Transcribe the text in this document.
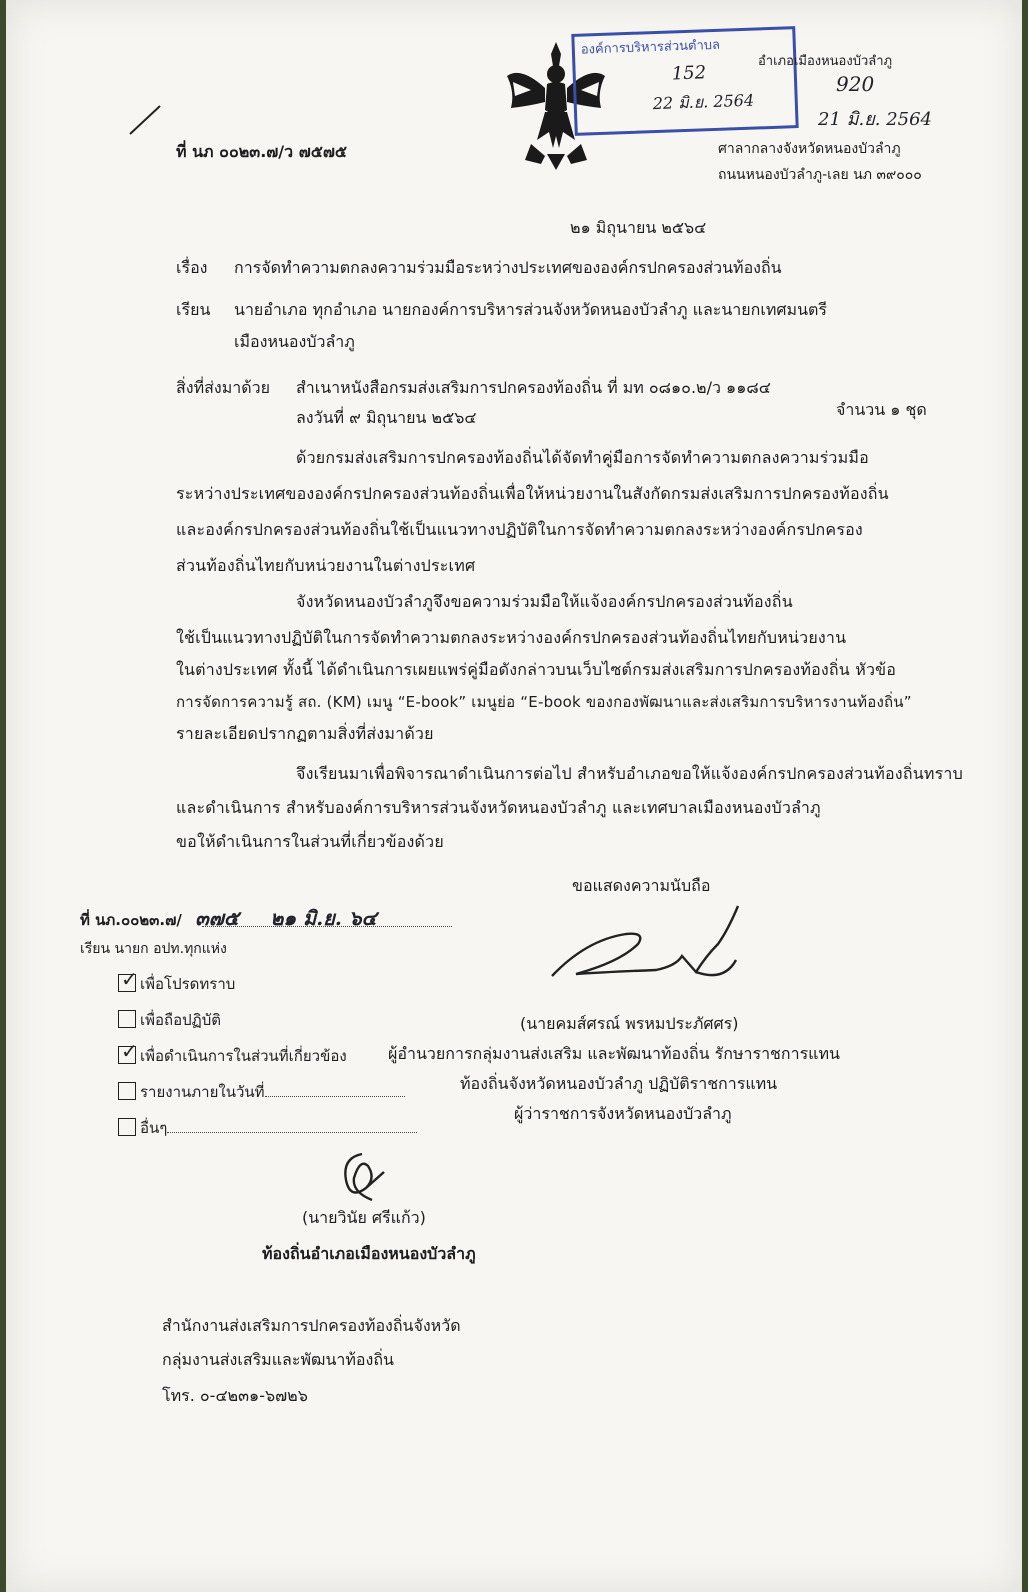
ที่ นภ ๐๐๒๓.๗/ว ๗๕๗๕
องค์การบริหารส่วนตำบล
152
22 มิ.ย. 2564
อำเภอเมืองหนองบัวลำภู
920
21 มิ.ย. 2564
ศาลากลางจังหวัดหนองบัวลำภู
ถนนหนองบัวลำภู-เลย นภ ๓๙๐๐๐
๒๑ มิถุนายน ๒๕๖๔
เรื่อง การจัดทำความตกลงความร่วมมือระหว่างประเทศขององค์กรปกครองส่วนท้องถิ่น
เรียน นายอำเภอ ทุกอำเภอ นายกองค์การบริหารส่วนจังหวัดหนองบัวลำภู และนายกเทศมนตรี
เมืองหนองบัวลำภู
สิ่งที่ส่งมาด้วย สำเนาหนังสือกรมส่งเสริมการปกครองท้องถิ่น ที่ มท ๐๘๑๐.๒/ว ๑๑๘๔
ลงวันที่ ๙ มิถุนายน ๒๕๖๔	จำนวน ๑ ชุด
ด้วยกรมส่งเสริมการปกครองท้องถิ่นได้จัดทำคู่มือการจัดทำความตกลงความร่วมมือ
ระหว่างประเทศขององค์กรปกครองส่วนท้องถิ่นเพื่อให้หน่วยงานในสังกัดกรมส่งเสริมการปกครองท้องถิ่น
และองค์กรปกครองส่วนท้องถิ่นใช้เป็นแนวทางปฏิบัติในการจัดทำความตกลงระหว่างองค์กรปกครอง
ส่วนท้องถิ่นไทยกับหน่วยงานในต่างประเทศ
จังหวัดหนองบัวลำภูจึงขอความร่วมมือให้แจ้งองค์กรปกครองส่วนท้องถิ่น
ใช้เป็นแนวทางปฏิบัติในการจัดทำความตกลงระหว่างองค์กรปกครองส่วนท้องถิ่นไทยกับหน่วยงาน
ในต่างประเทศ ทั้งนี้ ได้ดำเนินการเผยแพร่คู่มือดังกล่าวบนเว็บไซต์กรมส่งเสริมการปกครองท้องถิ่น หัวข้อ
การจัดการความรู้ สถ. (KM) เมนู “E-book” เมนูย่อ “E-book ของกองพัฒนาและส่งเสริมการบริหารงานท้องถิ่น”
รายละเอียดปรากฏตามสิ่งที่ส่งมาด้วย
จึงเรียนมาเพื่อพิจารณาดำเนินการต่อไป สำหรับอำเภอขอให้แจ้งองค์กรปกครองส่วนท้องถิ่นทราบ
และดำเนินการ สำหรับองค์การบริหารส่วนจังหวัดหนองบัวลำภู และเทศบาลเมืองหนองบัวลำภู
ขอให้ดำเนินการในส่วนที่เกี่ยวข้องด้วย
ขอแสดงความนับถือ
(นายคมส์ศรณ์ พรหมประภัศศร)
ผู้อำนวยการกลุ่มงานส่งเสริม และพัฒนาท้องถิ่น รักษาราชการแทน
ท้องถิ่นจังหวัดหนองบัวลำภู ปฏิบัติราชการแทน
ผู้ว่าราชการจังหวัดหนองบัวลำภู
ที่ นภ.๐๐๒๓.๗/ ๓๗๕ ๒๑ มิ.ย. ๖๔
เรียน นายก อปท.ทุกแห่ง
✓ เพื่อโปรดทราบ
เพื่อถือปฏิบัติ
✓ เพื่อดำเนินการในส่วนที่เกี่ยวข้อง
รายงานภายในวันที่
อื่นๆ
(นายวินัย ศรีแก้ว)
ท้องถิ่นอำเภอเมืองหนองบัวลำภู
สำนักงานส่งเสริมการปกครองท้องถิ่นจังหวัด
กลุ่มงานส่งเสริมและพัฒนาท้องถิ่น
โทร. ๐-๔๒๓๑-๖๗๒๖
